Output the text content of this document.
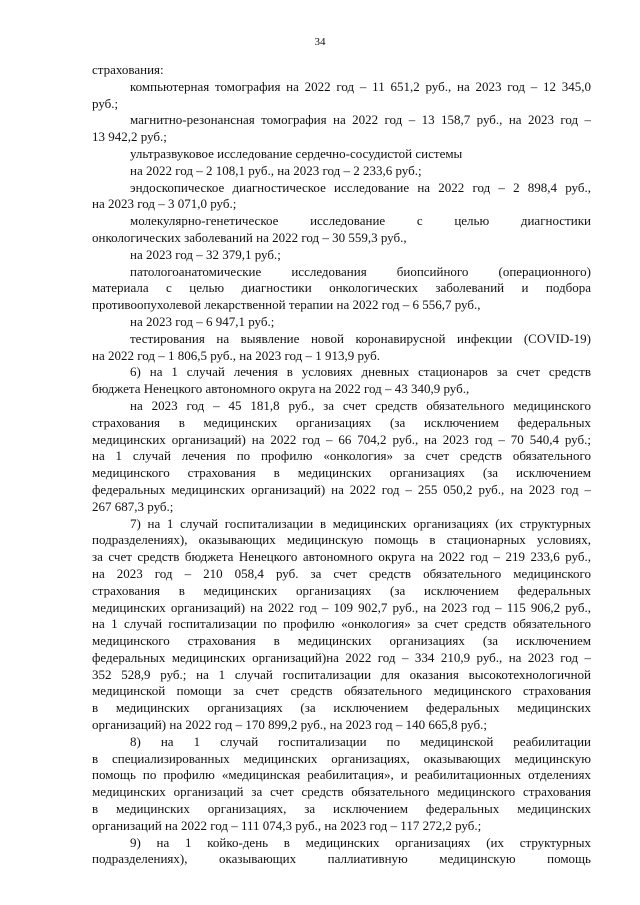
34
страхования:
компьютерная томография на 2022 год – 11 651,2 руб., на 2023 год – 12 345,0
руб.;
магнитно-резонансная томография на 2022 год – 13 158,7 руб., на 2023 год –
13 942,2 руб.;
ультразвуковое исследование сердечно-сосудистой системы
на 2022 год – 2 108,1 руб., на 2023 год – 2 233,6 руб.;
эндоскопическое диагностическое исследование на 2022 год – 2 898,4 руб.,
на 2023 год – 3 071,0 руб.;
молекулярно-генетическое исследование с целью диагностики
онкологических заболеваний на 2022 год – 30 559,3 руб.,
на 2023 год – 32 379,1 руб.;
патологоанатомические исследования биопсийного (операционного)
материала с целью диагностики онкологических заболеваний и подбора
противоопухолевой лекарственной терапии на 2022 год – 6 556,7 руб.,
на 2023 год – 6 947,1 руб.;
тестирования на выявление новой коронавирусной инфекции (COVID-19)
на 2022 год – 1 806,5 руб., на 2023 год – 1 913,9 руб.
6) на 1 случай лечения в условиях дневных стационаров за счет средств
бюджета Ненецкого автономного округа на 2022 год – 43 340,9 руб.,
на 2023 год – 45 181,8 руб., за счет средств обязательного медицинского
страхования в медицинских организациях (за исключением федеральных
медицинских организаций) на 2022 год – 66 704,2 руб., на 2023 год – 70 540,4 руб.;
на 1 случай лечения по профилю «онкология» за счет средств обязательного
медицинского страхования в медицинских организациях (за исключением
федеральных медицинских организаций) на 2022 год – 255 050,2 руб., на 2023 год –
267 687,3 руб.;
7) на 1 случай госпитализации в медицинских организациях (их структурных
подразделениях), оказывающих медицинскую помощь в стационарных условиях,
за счет средств бюджета Ненецкого автономного округа на 2022 год – 219 233,6 руб.,
на 2023 год – 210 058,4 руб. за счет средств обязательного медицинского
страхования в медицинских организациях (за исключением федеральных
медицинских организаций) на 2022 год – 109 902,7 руб., на 2023 год – 115 906,2 руб.,
на 1 случай госпитализации по профилю «онкология» за счет средств обязательного
медицинского страхования в медицинских организациях (за исключением
федеральных медицинских организаций)на 2022 год – 334 210,9 руб., на 2023 год –
352 528,9 руб.; на 1 случай госпитализации для оказания высокотехнологичной
медицинской помощи за счет средств обязательного медицинского страхования
в медицинских организациях (за исключением федеральных медицинских
организаций) на 2022 год – 170 899,2 руб., на 2023 год – 140 665,8 руб.;
8) на 1 случай госпитализации по медицинской реабилитации
в специализированных медицинских организациях, оказывающих медицинскую
помощь по профилю «медицинская реабилитация», и реабилитационных отделениях
медицинских организаций за счет средств обязательного медицинского страхования
в медицинских организациях, за исключением федеральных медицинских
организаций на 2022 год – 111 074,3 руб., на 2023 год – 117 272,2 руб.;
9) на 1 койко-день в медицинских организациях (их структурных
подразделениях), оказывающих паллиативную медицинскую помощь
